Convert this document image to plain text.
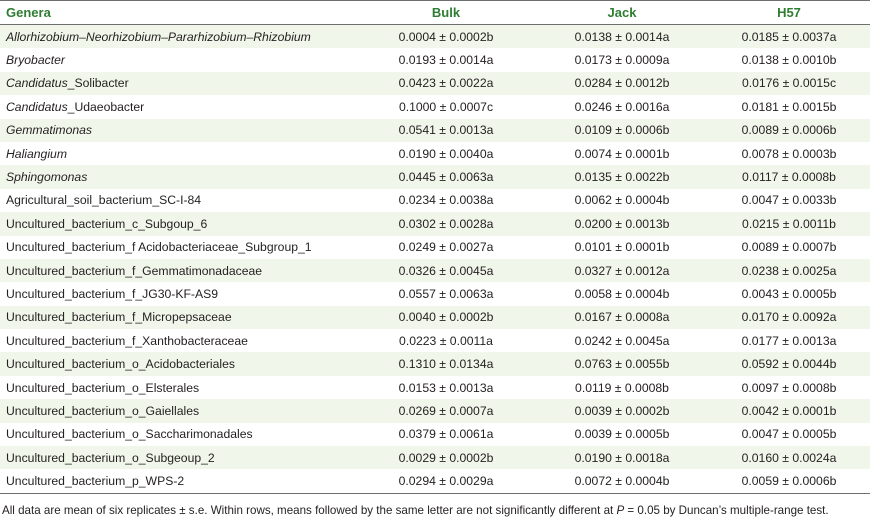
Genera	Bulk	Jack	H57
Allorhizobium–Neorhizobium–Pararhizobium–Rhizobium	0.0004 ± 0.0002b	0.0138 ± 0.0014a	0.0185 ± 0.0037a
Bryobacter	0.0193 ± 0.0014a	0.0173 ± 0.0009a	0.0138 ± 0.0010b
Candidatus_Solibacter	0.0423 ± 0.0022a	0.0284 ± 0.0012b	0.0176 ± 0.0015c
Candidatus_Udaeobacter	0.1000 ± 0.0007c	0.0246 ± 0.0016a	0.0181 ± 0.0015b
Gemmatimonas	0.0541 ± 0.0013a	0.0109 ± 0.0006b	0.0089 ± 0.0006b
Haliangium	0.0190 ± 0.0040a	0.0074 ± 0.0001b	0.0078 ± 0.0003b
Sphingomonas	0.0445 ± 0.0063a	0.0135 ± 0.0022b	0.0117 ± 0.0008b
Agricultural_soil_bacterium_SC-I-84	0.0234 ± 0.0038a	0.0062 ± 0.0004b	0.0047 ± 0.0033b
Uncultured_bacterium_c_Subgoup_6	0.0302 ± 0.0028a	0.0200 ± 0.0013b	0.0215 ± 0.0011b
Uncultured_bacterium_f Acidobacteriaceae_Subgroup_1	0.0249 ± 0.0027a	0.0101 ± 0.0001b	0.0089 ± 0.0007b
Uncultured_bacterium_f_Gemmatimonadaceae	0.0326 ± 0.0045a	0.0327 ± 0.0012a	0.0238 ± 0.0025a
Uncultured_bacterium_f_JG30-KF-AS9	0.0557 ± 0.0063a	0.0058 ± 0.0004b	0.0043 ± 0.0005b
Uncultured_bacterium_f_Micropepsaceae	0.0040 ± 0.0002b	0.0167 ± 0.0008a	0.0170 ± 0.0092a
Uncultured_bacterium_f_Xanthobacteraceae	0.0223 ± 0.0011a	0.0242 ± 0.0045a	0.0177 ± 0.0013a
Uncultured_bacterium_o_Acidobacteriales	0.1310 ± 0.0134a	0.0763 ± 0.0055b	0.0592 ± 0.0044b
Uncultured_bacterium_o_Elsterales	0.0153 ± 0.0013a	0.0119 ± 0.0008b	0.0097 ± 0.0008b
Uncultured_bacterium_o_Gaiellales	0.0269 ± 0.0007a	0.0039 ± 0.0002b	0.0042 ± 0.0001b
Uncultured_bacterium_o_Saccharimonadales	0.0379 ± 0.0061a	0.0039 ± 0.0005b	0.0047 ± 0.0005b
Uncultured_bacterium_o_Subgeoup_2	0.0029 ± 0.0002b	0.0190 ± 0.0018a	0.0160 ± 0.0024a
Uncultured_bacterium_p_WPS-2	0.0294 ± 0.0029a	0.0072 ± 0.0004b	0.0059 ± 0.0006b
All data are mean of six replicates ± s.e. Within rows, means followed by the same letter are not significantly different at P = 0.05 by Duncan’s multiple-range test.
